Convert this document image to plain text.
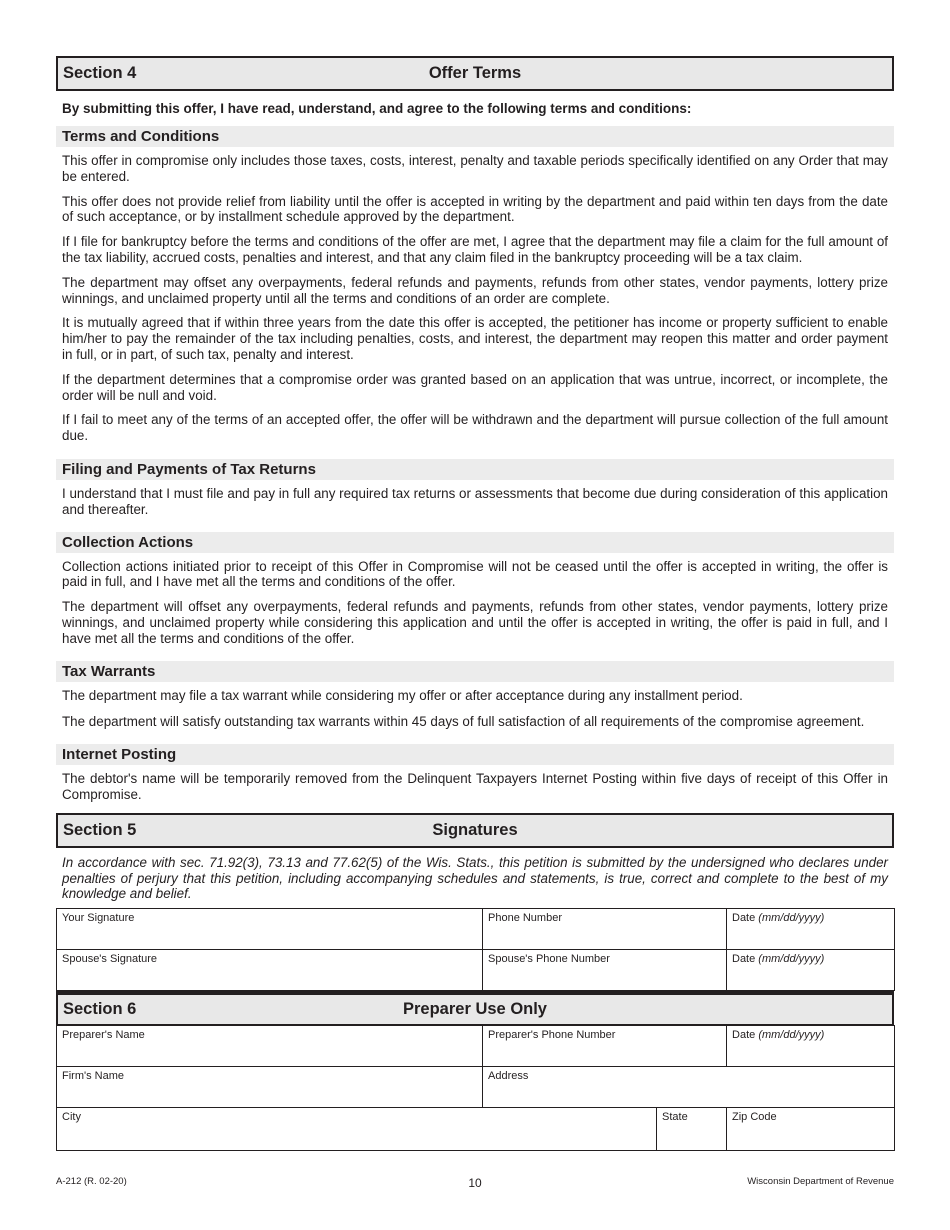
Section 4	Offer Terms
By submitting this offer, I have read, understand, and agree to the following terms and conditions:
Terms and Conditions

This offer in compromise only includes those taxes, costs, interest, penalty and taxable periods specifically identified on any Order that may be entered.

This offer does not provide relief from liability until the offer is accepted in writing by the department and paid within ten days from the date of such acceptance, or by installment schedule approved by the department.

If I file for bankruptcy before the terms and conditions of the offer are met, I agree that the department may file a claim for the full amount of the tax liability, accrued costs, penalties and interest, and that any claim filed in the bankruptcy proceeding will be a tax claim.

The department may offset any overpayments, federal refunds and payments, refunds from other states, vendor payments, lottery prize winnings, and unclaimed property until all the terms and conditions of an order are complete.

It is mutually agreed that if within three years from the date this offer is accepted, the petitioner has income or property sufficient to enable him/her to pay the remainder of the tax including penalties, costs, and interest, the department may reopen this matter and order payment in full, or in part, of such tax, penalty and interest.

If the department determines that a compromise order was granted based on an application that was untrue, incorrect, or incomplete, the order will be null and void.

If I fail to meet any of the terms of an accepted offer, the offer will be withdrawn and the department will pursue collection of the full amount due.

Filing and Payments of Tax Returns

I understand that I must file and pay in full any required tax returns or assessments that become due during consideration of this application and thereafter.

Collection Actions

Collection actions initiated prior to receipt of this Offer in Compromise will not be ceased until the offer is accepted in writing, the offer is paid in full, and I have met all the terms and conditions of the offer.

The department will offset any overpayments, federal refunds and payments, refunds from other states, vendor payments, lottery prize winnings, and unclaimed property while considering this application and until the offer is accepted in writing, the offer is paid in full, and I have met all the terms and conditions of the offer.

Tax Warrants

The department may file a tax warrant while considering my offer or after acceptance during any installment period.

The department will satisfy outstanding tax warrants within 45 days of full satisfaction of all requirements of the compromise agreement.

Internet Posting

The debtor's name will be temporarily removed from the Delinquent Taxpayers Internet Posting within five days of receipt of this Offer in Compromise.

Section 5	Signatures

In accordance with sec. 71.92(3), 73.13 and 77.62(5) of the Wis. Stats., this petition is submitted by the undersigned who declares under penalties of perjury that this petition, including accompanying schedules and statements, is true, correct and complete to the best of my knowledge and belief.

Your Signature	Phone Number	Date (mm/dd/yyyy)
Spouse's Signature	Spouse's Phone Number	Date (mm/dd/yyyy)
Section 6	Preparer Use Only
Preparer's Name	Preparer's Phone Number		Date (mm/dd/yyyy)
Firm's Name	Address		
City		State	Zip Code
A-212 (R. 02-20)	10	Wisconsin Department of Revenue
